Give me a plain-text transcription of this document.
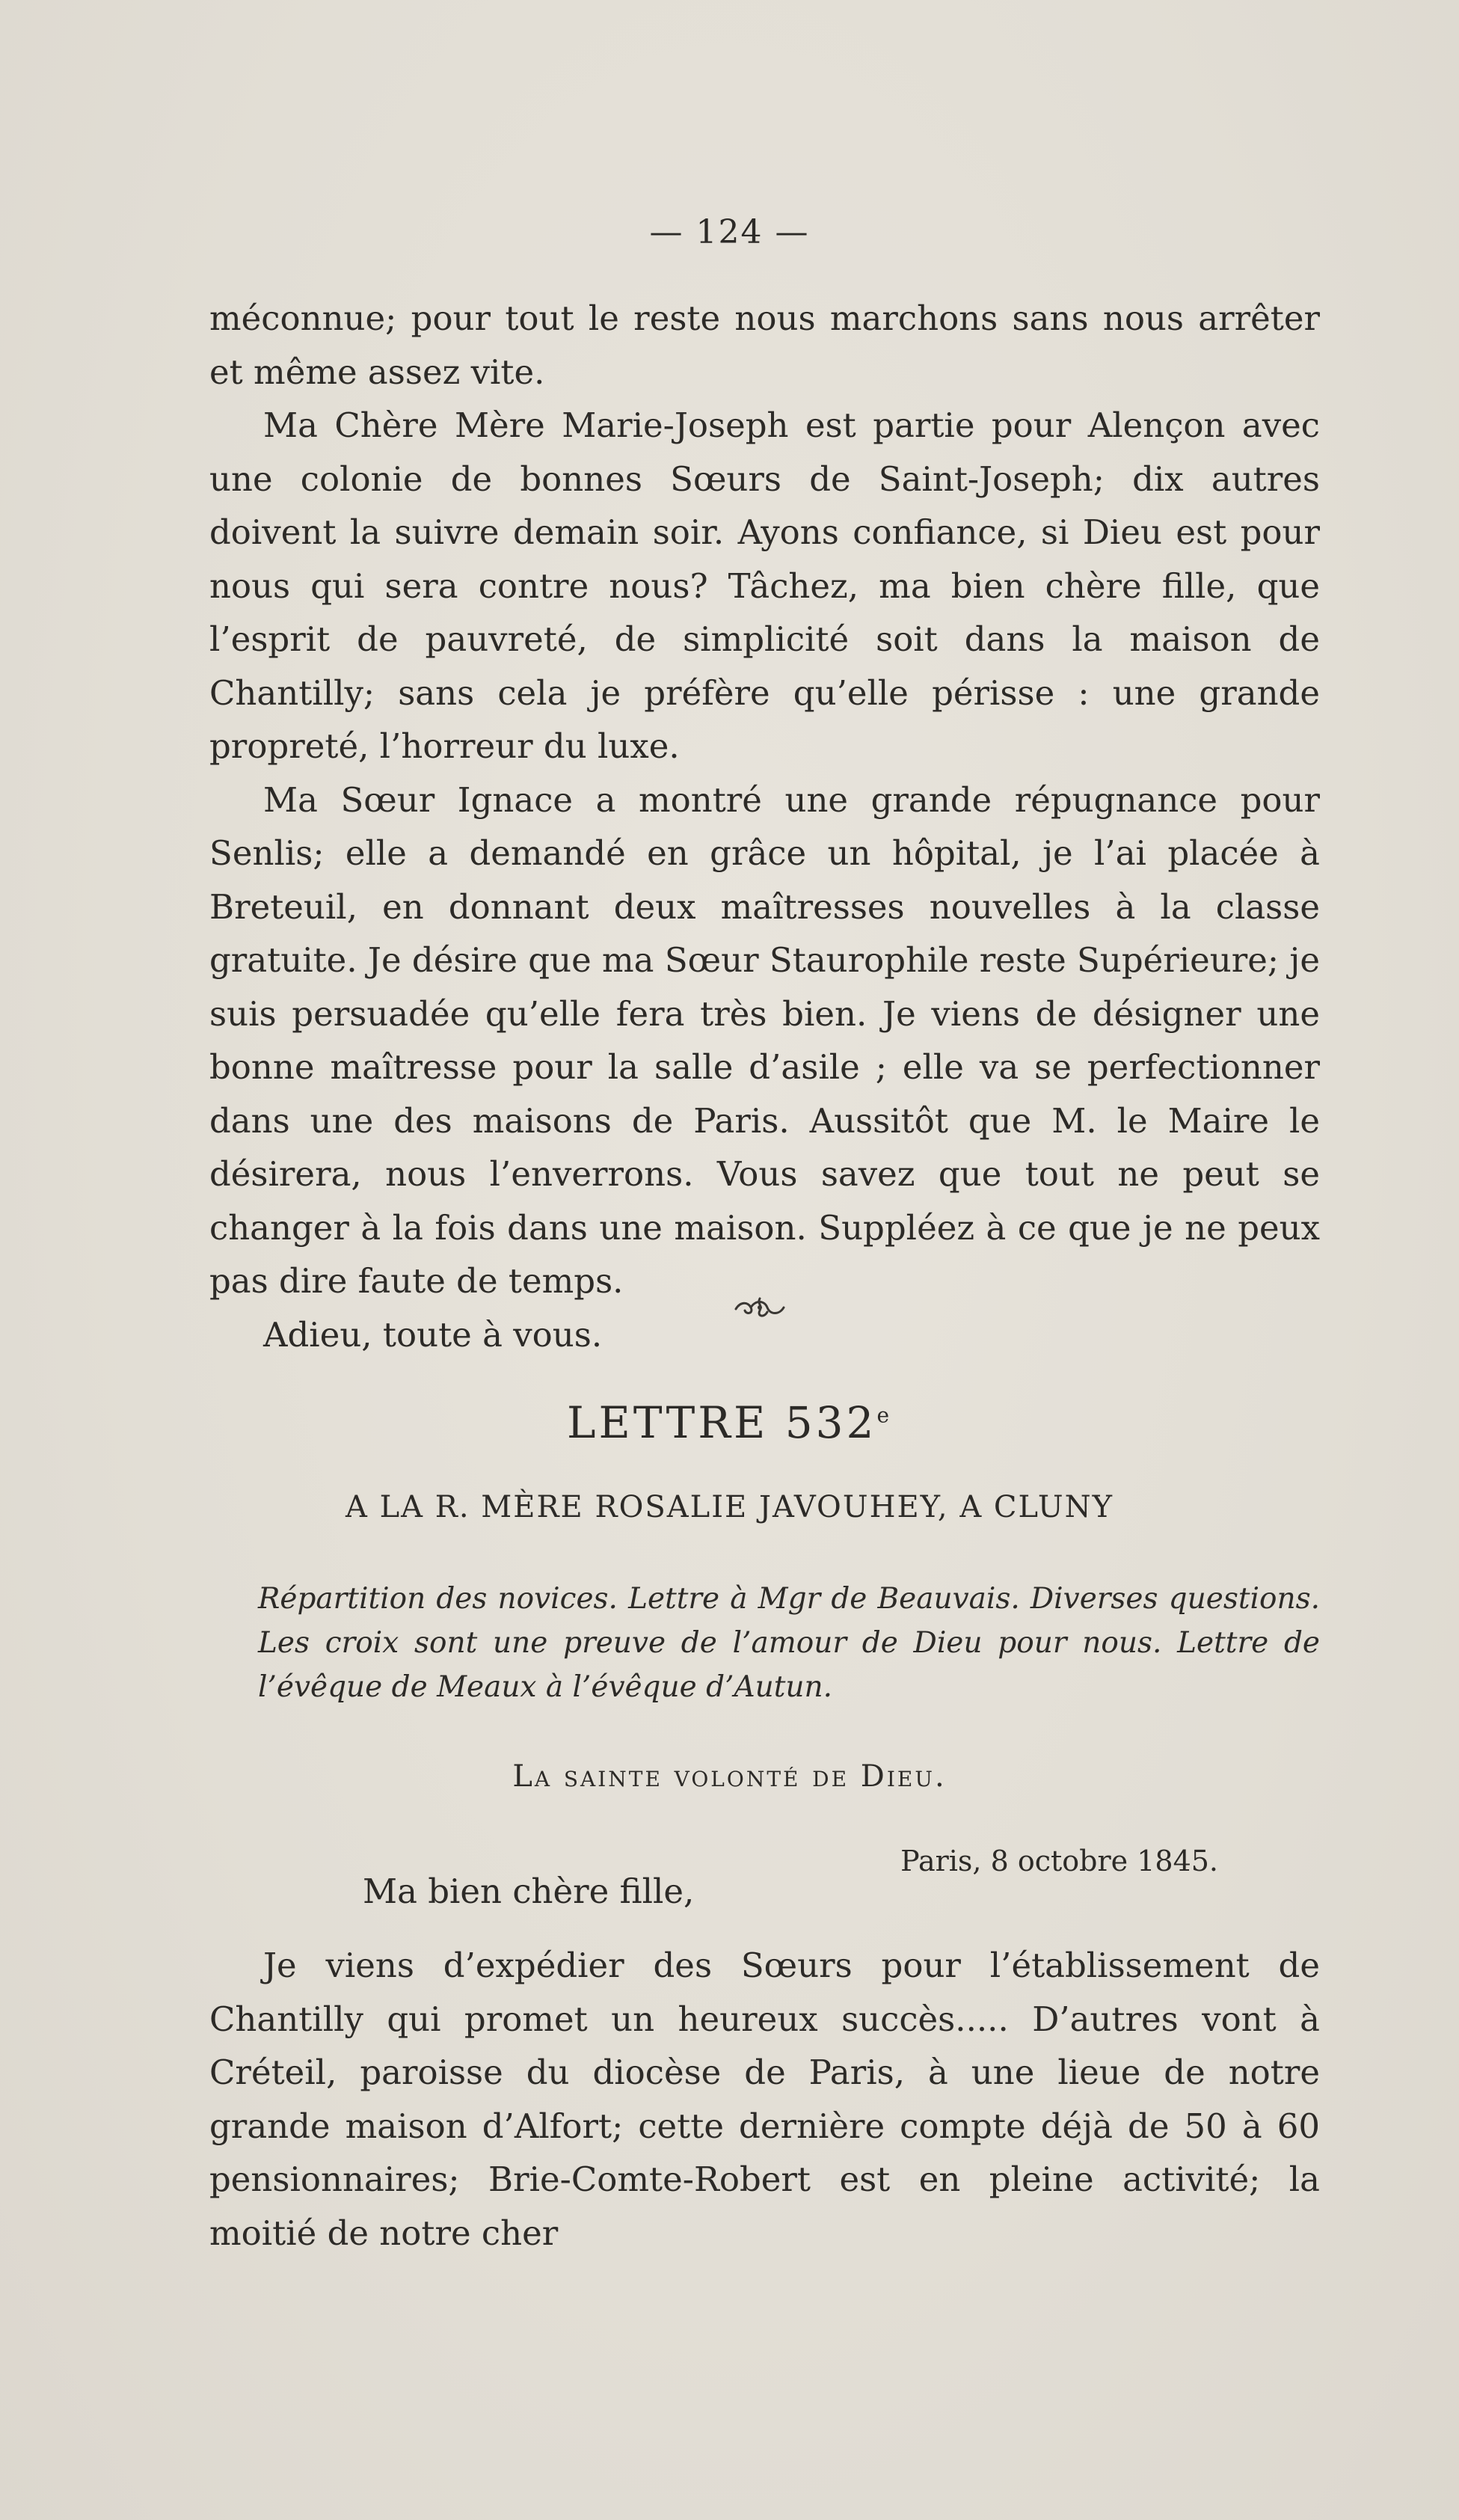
— 124 —

méconnue; pour tout le reste nous marchons sans nous arrêter et même assez vite.

Ma Chère Mère Marie-Joseph est partie pour Alençon avec une colonie de bonnes Sœurs de Saint-Joseph; dix autres doivent la suivre demain soir. Ayons confiance, si Dieu est pour nous qui sera contre nous? Tâchez, ma bien chère fille, que l’esprit de pauvreté, de simplicité soit dans la maison de Chantilly; sans cela je préfère qu’elle périsse : une grande propreté, l’horreur du luxe.

Ma Sœur Ignace a montré une grande répugnance pour Senlis; elle a demandé en grâce un hôpital, je l’ai placée à Breteuil, en donnant deux maîtresses nouvelles à la classe gratuite. Je désire que ma Sœur Staurophile reste Supérieure; je suis persuadée qu’elle fera très bien. Je viens de désigner une bonne maîtresse pour la salle d’asile ; elle va se perfectionner dans une des maisons de Paris. Aussitôt que M. le Maire le désirera, nous l’enverrons. Vous savez que tout ne peut se changer à la fois dans une maison. Suppléez à ce que je ne peux pas dire faute de temps.

Adieu, toute à vous.

LETTRE 532e
A LA R. MÈRE ROSALIE JAVOUHEY, A CLUNY
Répartition des novices. Lettre à Mgr de Beauvais. Diverses questions. Les croix sont une preuve de l’amour de Dieu pour nous. Lettre de l’évêque de Meaux à l’évêque d’Autun.
La sainte volonté de Dieu.
Paris, 8 octobre 1845.
Ma bien chère fille,

Je viens d’expédier des Sœurs pour l’établissement de Chantilly qui promet un heureux succès..... D’autres vont à Créteil, paroisse du diocèse de Paris, à une lieue de notre grande maison d’Alfort; cette dernière compte déjà de 50 à 60 pensionnaires; Brie-Comte-Robert est en pleine activité; la moitié de notre cher
